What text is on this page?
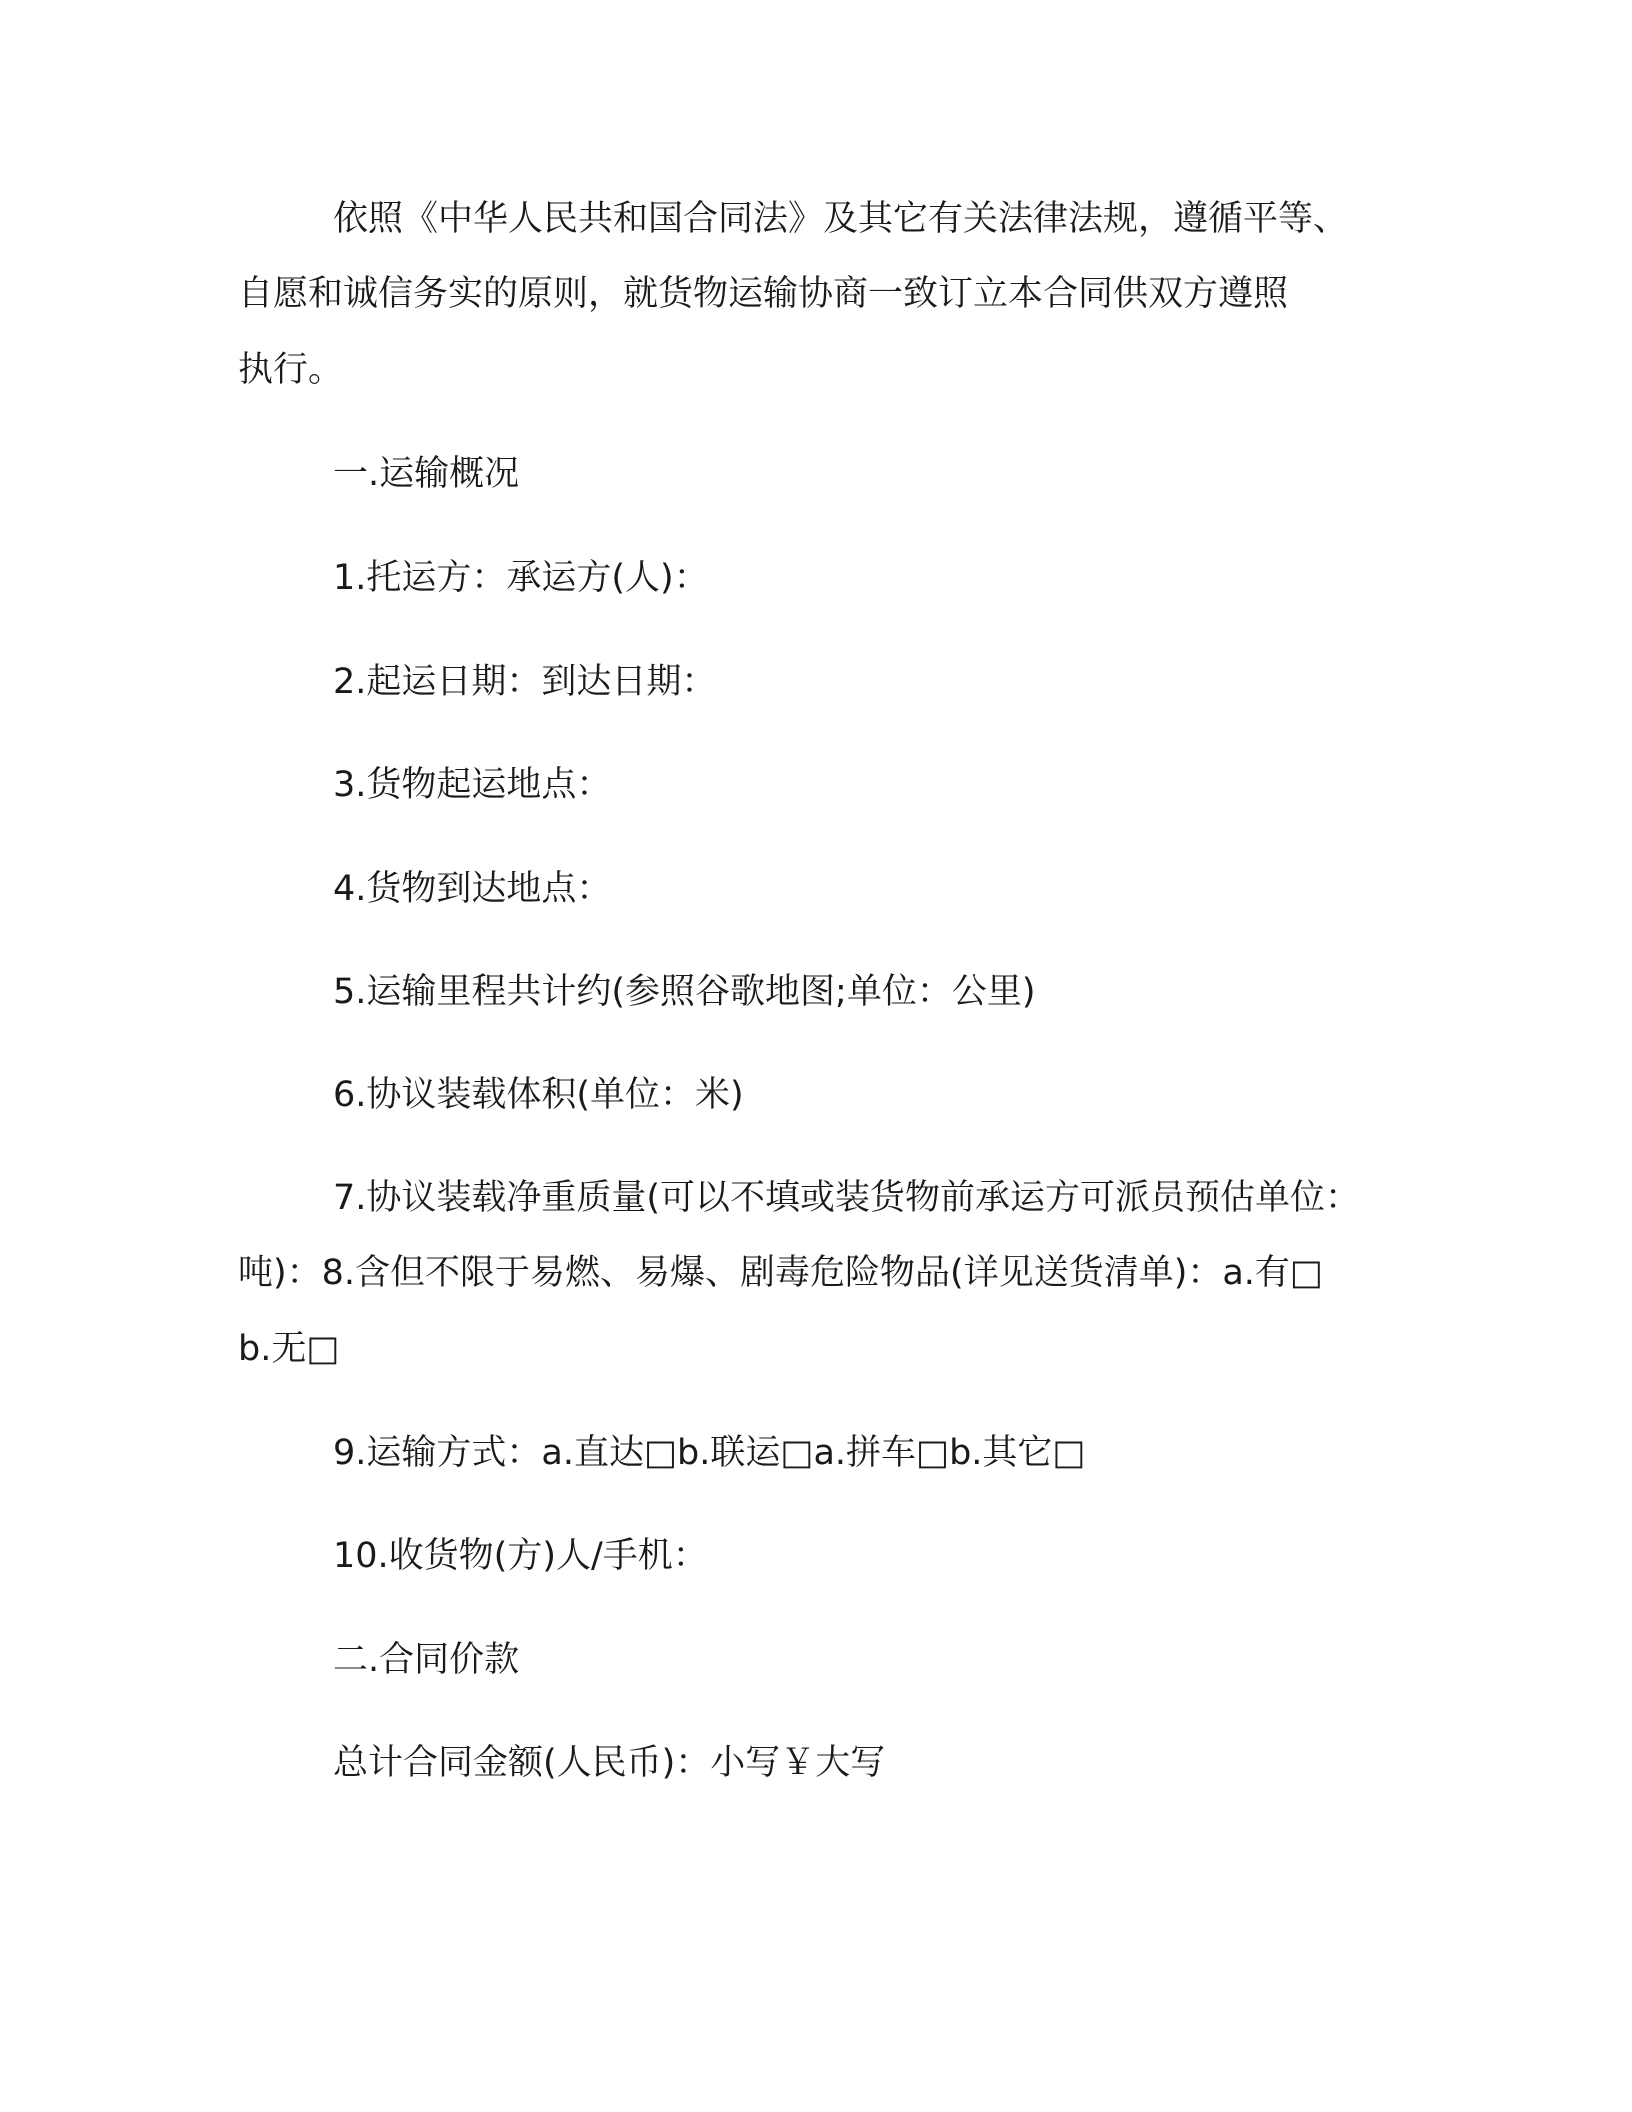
依照《中华人民共和国合同法》及其它有关法律法规，遵循平等、

自愿和诚信务实的原则，就货物运输协商一致订立本合同供双方遵照

执行。

一.运输概况

1.托运方：承运方(人)：

2.起运日期：到达日期：

3.货物起运地点：

4.货物到达地点：

5.运输里程共计约(参照谷歌地图;单位：公里)

6.协议装载体积(单位：米)

7.协议装载净重质量(可以不填或装货物前承运方可派员预估单位：

吨)：8.含但不限于易燃、易爆、剧毒危险物品(详见送货清单)：a.有□

b.无□

9.运输方式：a.直达□b.联运□a.拼车□b.其它□

10.收货物(方)人/手机：

二.合同价款

总计合同金额(人民币)：小写￥大写
